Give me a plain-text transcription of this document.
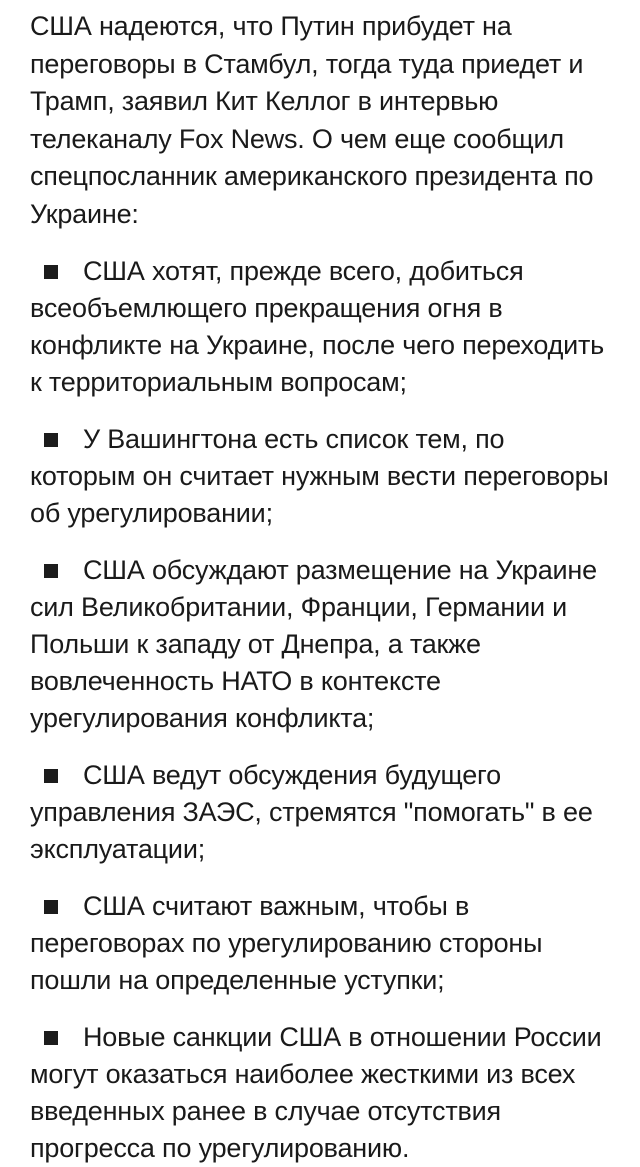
США надеются, что Путин прибудет на переговоры в Стамбул, тогда туда приедет и Трамп, заявил Кит Келлог в интервью телеканалу Fox News. О чем еще сообщил спецпосланник американского президента по Украине:

США хотят, прежде всего, добиться всеобъемлющего прекращения огня в конфликте на Украине, после чего переходить к территориальным вопросам;

У Вашингтона есть список тем, по которым он считает нужным вести переговоры об урегулировании;

США обсуждают размещение на Украине сил Великобритании, Франции, Германии и Польши к западу от Днепра, а также вовлеченность НАТО в контексте урегулирования конфликта;

США ведут обсуждения будущего управления ЗАЭС, стремятся "помогать" в ее эксплуатации;

США считают важным, чтобы в переговорах по урегулированию стороны пошли на определенные уступки;

Новые санкции США в отношении России могут оказаться наиболее жесткими из всех введенных ранее в случае отсутствия прогресса по урегулированию.
